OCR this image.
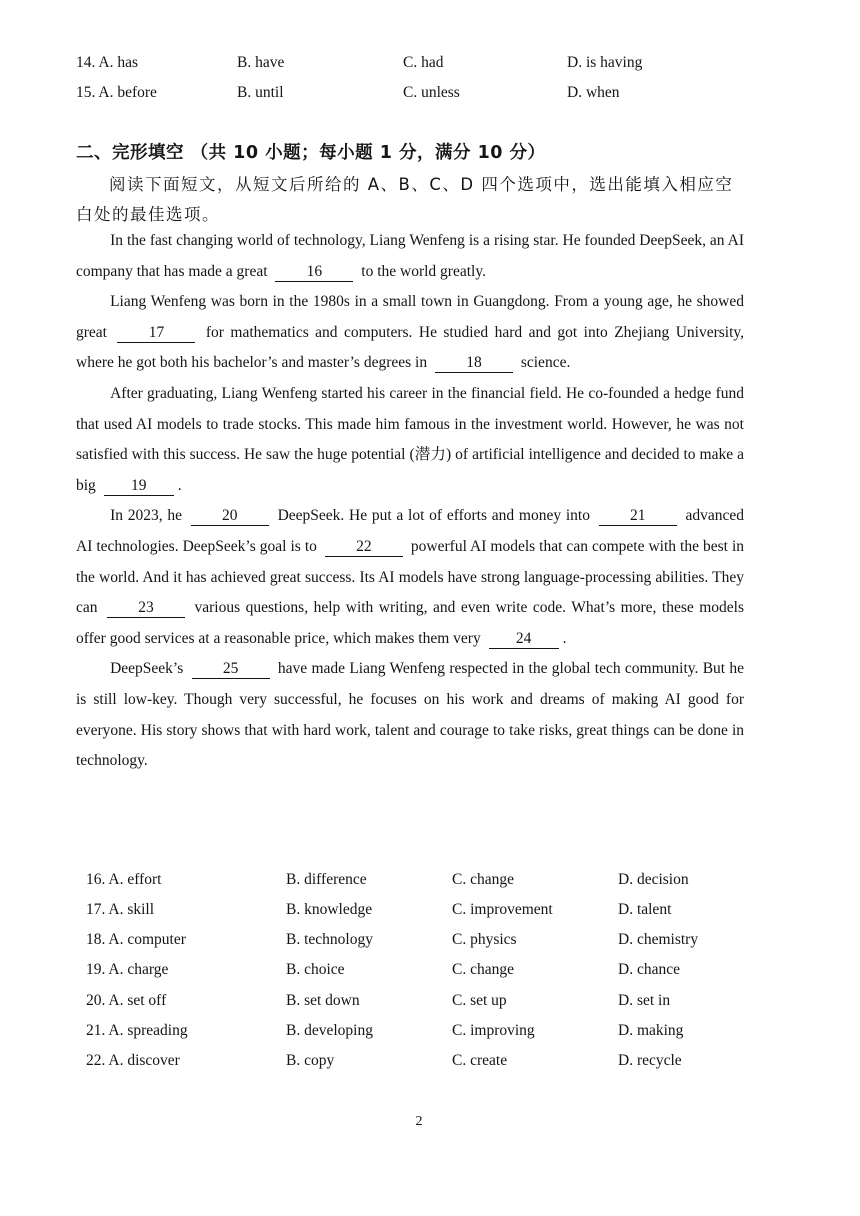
14. A. has	B. have	C. had	D. is having
15. A. before	B. until	C. unless	D. when
二、完形填空 （共 10 小题；每小题 1 分，满分 10 分）
阅读下面短文，从短文后所给的 A、B、C、D 四个选项中，选出能填入相应空白处的最佳选项。

In the fast changing world of technology, Liang Wenfeng is a rising star. He founded DeepSeek, an AI company that has made a great	16	to the world greatly.

Liang Wenfeng was born in the 1980s in a small town in Guangdong. From a young age, he showed great	17	for mathematics and computers. He studied hard and got into Zhejiang University, where he got both his bachelor’s and master’s degrees in	18	science.

After graduating, Liang Wenfeng started his career in the financial field. He co-founded a hedge fund that used AI models to trade stocks. This made him famous in the investment world. However, he was not satisfied with this success. He saw the huge potential (潜力) of artificial intelligence and decided to make a big 19 .

In 2023, he	20	DeepSeek. He put a lot of efforts and money into	21	advanced AI technologies. DeepSeek’s goal is to	22	powerful AI models that can compete with the best in the world. And it has achieved great success. Its AI models have strong language-processing abilities. They can	23	various questions, help with writing, and even write code. What’s more, these models offer good services at a reasonable price, which makes them very 24 .

DeepSeek’s	25	have made Liang Wenfeng respected in the global tech community. But he is still low-key. Though very successful, he focuses on his work and dreams of making AI good for everyone. His story shows that with hard work, talent and courage to take risks, great things can be done in technology.

16. A. effort	B. difference	C. change	D. decision
17. A. skill	B. knowledge	C. improvement	D. talent
18. A. computer	B. technology	C. physics	D. chemistry
19. A. charge	B. choice	C. change	D. chance
20. A. set off	B. set down	C. set up	D. set in
21. A. spreading	B. developing	C. improving	D. making
22. A. discover	B. copy	C. create	D. recycle
2
